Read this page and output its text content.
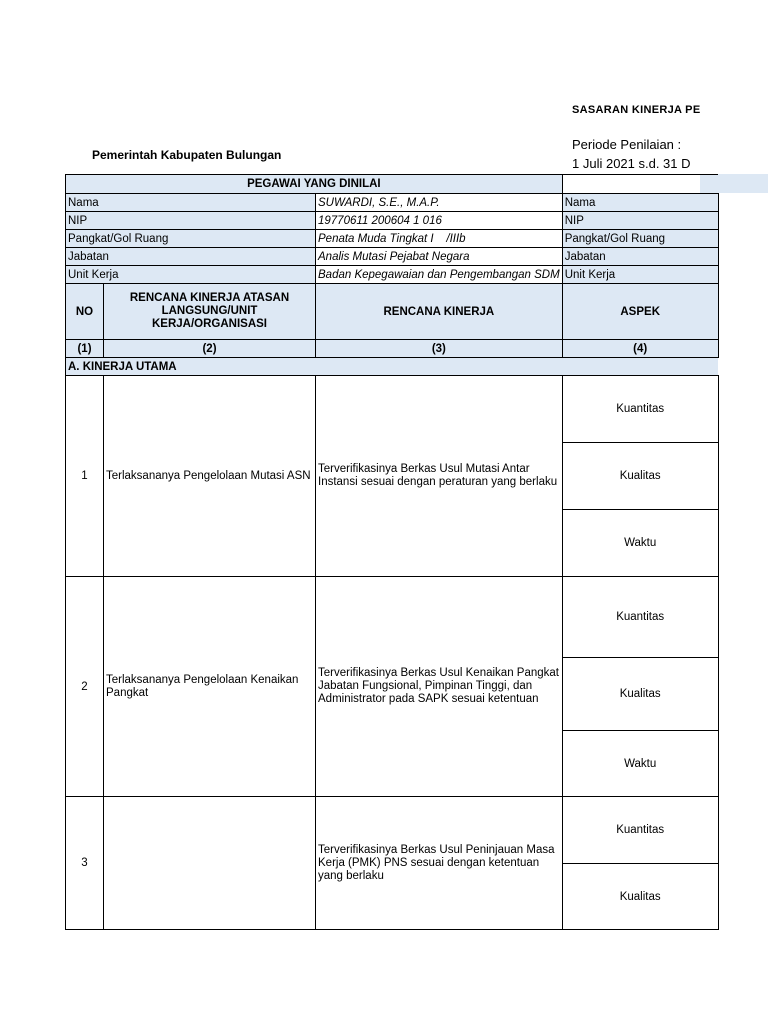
SASARAN KINERJA PE
Periode Penilaian :
1 Juli 2021 s.d. 31 D
Pemerintah Kabupaten Bulungan
PEGAWAI YANG DINILAI			
Nama		SUWARDI, S.E., M.A.P.	Nama
NIP		19770611 200604 1 016	NIP
Pangkat/Gol Ruang		Penata Muda Tingkat I    /IIIb	Pangkat/Gol Ruang
Jabatan		Analis Mutasi Pejabat Negara	Jabatan
Unit Kerja		Badan Kepegawaian dan Pengembangan SDM	Unit Kerja
NO	RENCANA KINERJA ATASAN LANGSUNG/UNIT KERJA/ORGANISASI	RENCANA KINERJA	ASPEK
(1)	(2)	(3)	(4)
A. KINERJA UTAMA			
1	Terlaksananya Pengelolaan Mutasi ASN	Terverifikasinya Berkas Usul Mutasi Antar Instansi sesuai dengan peraturan yang berlaku	Kuantitas
			Kualitas
			Waktu
2	Terlaksananya Pengelolaan Kenaikan Pangkat	Terverifikasinya Berkas Usul Kenaikan Pangkat Jabatan Fungsional, Pimpinan Tinggi, dan Administrator pada SAPK sesuai ketentuan	Kuantitas
			Kualitas
			Waktu
3		Terverifikasinya Berkas Usul Peninjauan Masa Kerja (PMK) PNS sesuai dengan ketentuan yang berlaku	Kuantitas
			Kualitas
